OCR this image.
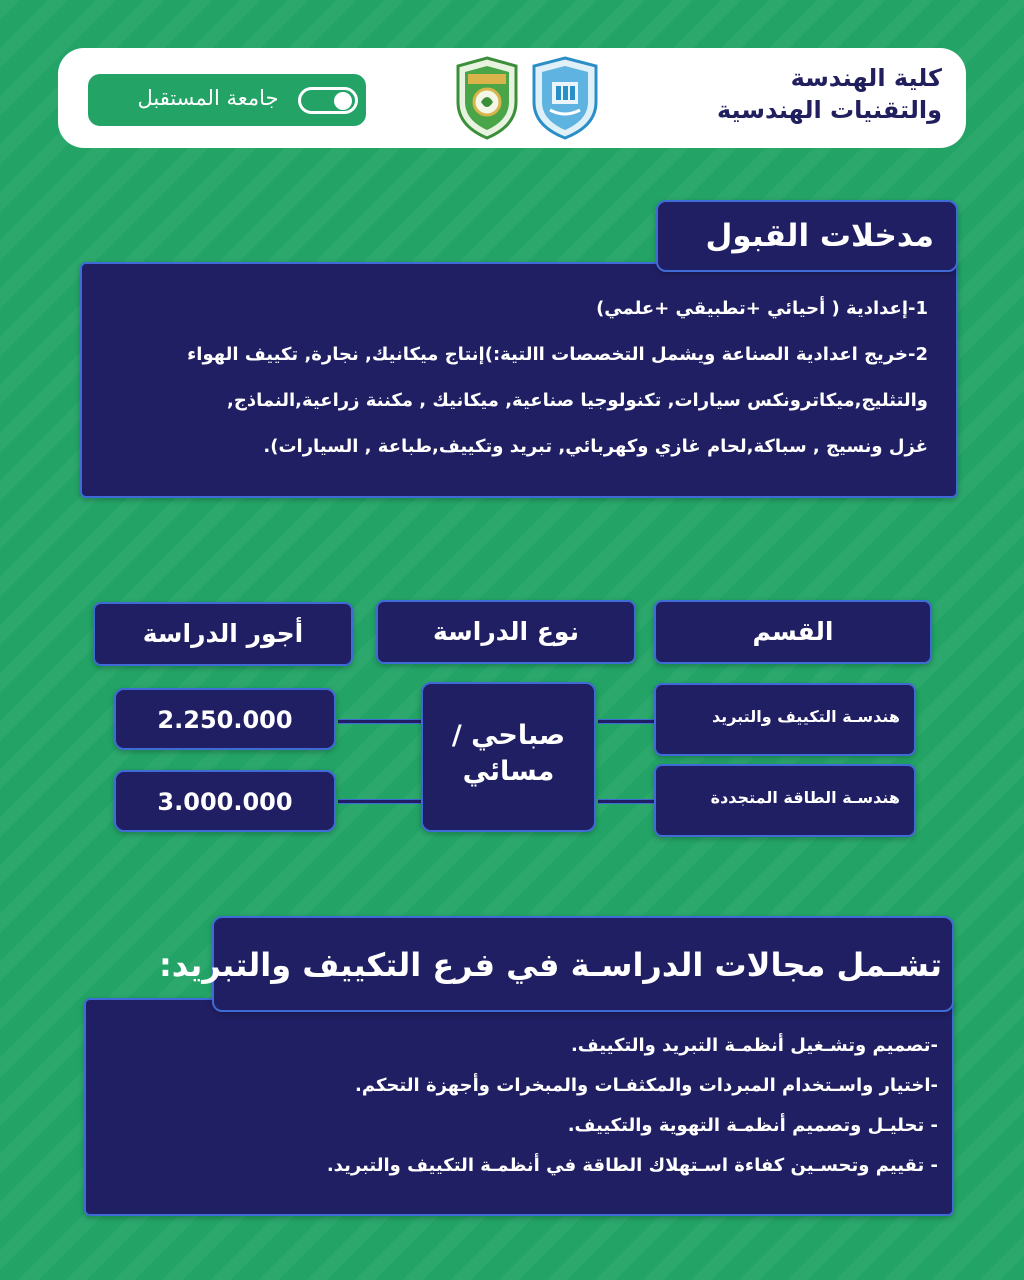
كلية الهندسة
والتقنيات الهندسية
جامعة المستقبل
1-إعدادية ( أحيائي +تطبيقي +علمي)
2-خريج اعدادية الصناعة ويشمل التخصصات االتية:)إنتاج ميكانيك, نجارة, تكييف الهواء
والتثليج,ميكاترونكس سيارات, تكنولوجيا صناعية, ميكانيك , مكننة زراعية,النماذج,
غزل ونسيج , سباكة,لحام غازي وكهربائي, تبريد وتكييف,طباعة , السيارات).
مدخلات القبول
القسم
نوع الدراسة
أجور الدراسة
هندسـة التكييف والتبريد
هندسـة الطاقة المتجددة
صباحي /
مسائي
2.250.000
3.000.000
-تصميم وتشـغيل أنظمـة التبريد والتكييف.
-اختيار واسـتخدام المبردات والمكثفـات والمبخرات وأجهزة التحكم.
- تحليـل وتصميم أنظمـة التهوية والتكييف.
- تقييم وتحسـين كفاءة اسـتهلاك الطاقة في أنظمـة التكييف والتبريد.
تشـمل مجالات الدراسـة في فرع التكييف والتبريد:
